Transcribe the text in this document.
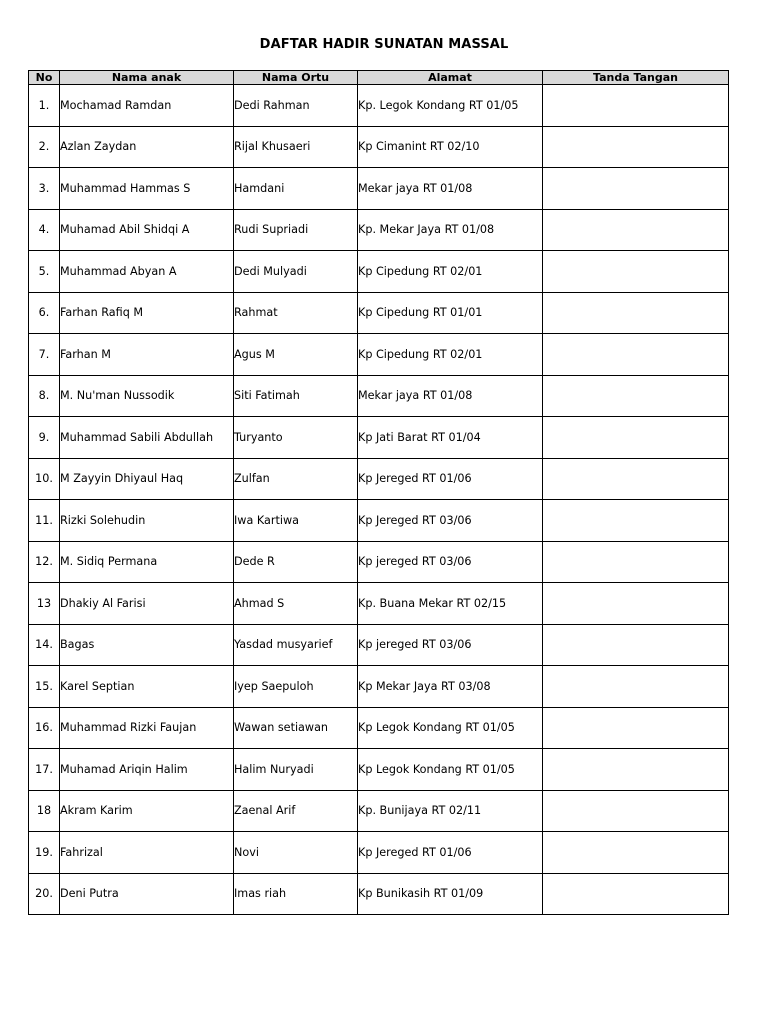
DAFTAR HADIR SUNATAN MASSAL
No	Nama anak	Nama Ortu	Alamat	Tanda Tangan
1.	Mochamad Ramdan	Dedi Rahman	Kp. Legok Kondang RT 01/05	
2.	Azlan Zaydan	Rijal Khusaeri	Kp Cimanint RT 02/10	
3.	Muhammad Hammas S	Hamdani	Mekar jaya RT 01/08	
4.	Muhamad Abil Shidqi A	Rudi Supriadi	Kp. Mekar Jaya RT 01/08	
5.	Muhammad Abyan A	Dedi Mulyadi	Kp Cipedung RT 02/01	
6.	Farhan Rafiq M	Rahmat	Kp Cipedung RT 01/01	
7.	Farhan M	Agus M	Kp Cipedung RT 02/01	
8.	M. Nu'man Nussodik	Siti Fatimah	Mekar jaya RT 01/08	
9.	Muhammad Sabili Abdullah	Turyanto	Kp Jati Barat RT 01/04	
10.	M Zayyin Dhiyaul Haq	Zulfan	Kp Jereged RT 01/06	
11.	Rizki Solehudin	Iwa Kartiwa	Kp Jereged RT 03/06	
12.	M. Sidiq Permana	Dede R	Kp jereged RT 03/06	
13	Dhakiy Al Farisi	Ahmad S	Kp. Buana Mekar RT 02/15	
14.	Bagas	Yasdad musyarief	Kp jereged RT 03/06	
15.	Karel Septian	Iyep Saepuloh	Kp Mekar Jaya RT 03/08	
16.	Muhammad Rizki Faujan	Wawan setiawan	Kp Legok Kondang RT 01/05	
17.	Muhamad Ariqin Halim	Halim Nuryadi	Kp Legok Kondang RT 01/05	
18	Akram Karim	Zaenal Arif	Kp. Bunijaya RT 02/11	
19.	Fahrizal	Novi	Kp Jereged RT 01/06	
20.	Deni Putra	Imas riah	Kp Bunikasih RT 01/09	
